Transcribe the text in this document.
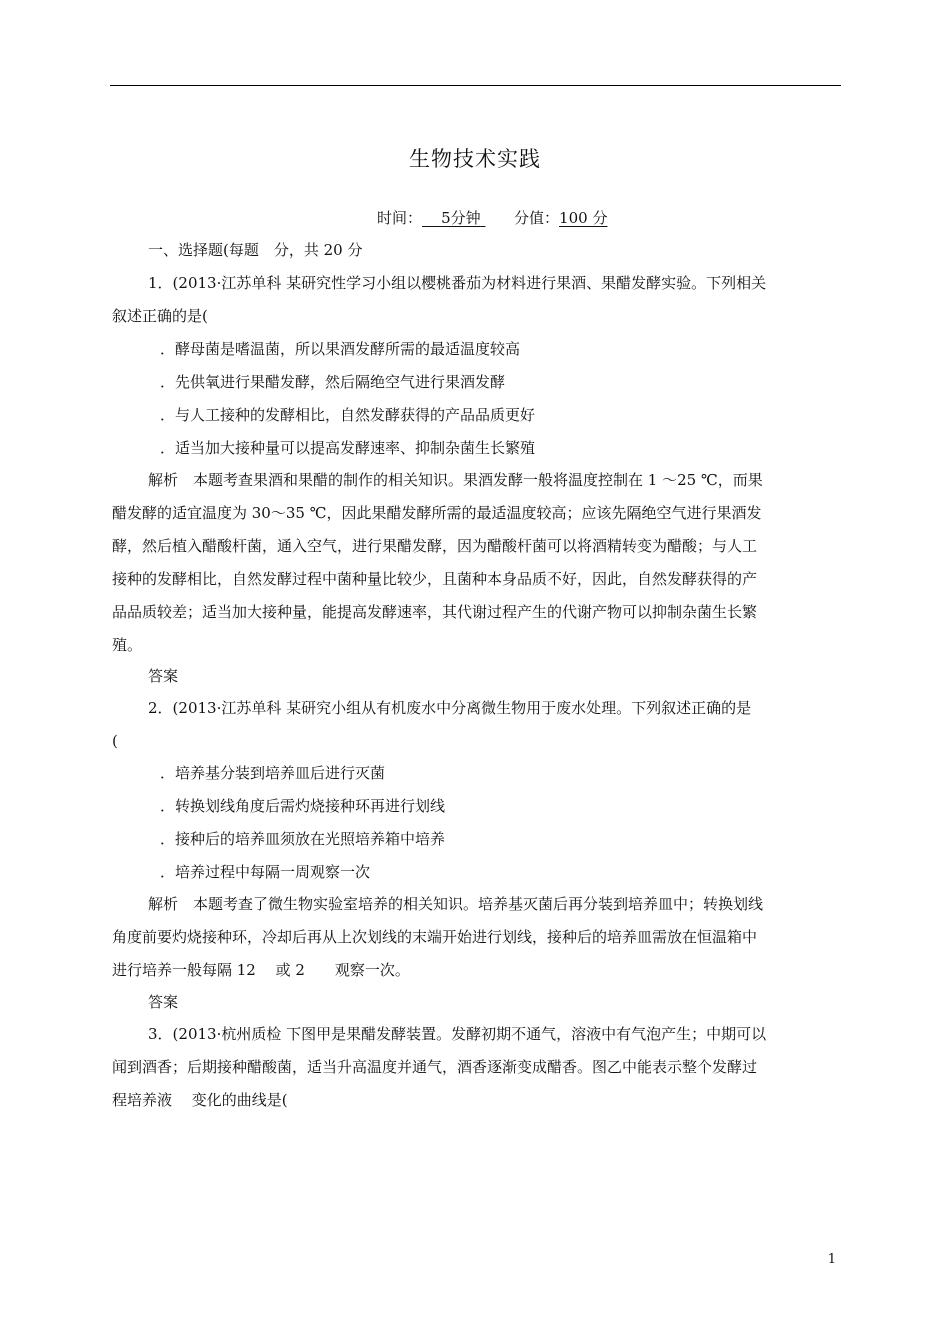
生物技术实践
时间： 5分钟 分值：100 分
一、选择题(每题　分，共 20 分
1．(2013·江苏单科 某研究性学习小组以樱桃番茄为材料进行果酒、果醋发酵实验。下列相关
叙述正确的是(
．酵母菌是嗜温菌，所以果酒发酵所需的最适温度较高
．先供氧进行果醋发酵，然后隔绝空气进行果酒发酵
．与人工接种的发酵相比，自然发酵获得的产品品质更好
．适当加大接种量可以提高发酵速率、抑制杂菌生长繁殖
解析　本题考查果酒和果醋的制作的相关知识。果酒发酵一般将温度控制在 1 ～25 ℃，而果
醋发酵的适宜温度为 30～35 ℃，因此果醋发酵所需的最适温度较高；应该先隔绝空气进行果酒发
酵，然后植入醋酸杆菌，通入空气，进行果醋发酵，因为醋酸杆菌可以将酒精转变为醋酸；与人工
接种的发酵相比，自然发酵过程中菌种量比较少，且菌种本身品质不好，因此，自然发酵获得的产
品品质较差；适当加大接种量，能提高发酵速率，其代谢过程产生的代谢产物可以抑制杂菌生长繁
殖。
答案
2．(2013·江苏单科 某研究小组从有机废水中分离微生物用于废水处理。下列叙述正确的是
(
．培养基分装到培养皿后进行灭菌
．转换划线角度后需灼烧接种环再进行划线
．接种后的培养皿须放在光照培养箱中培养
．培养过程中每隔一周观察一次
解析　本题考查了微生物实验室培养的相关知识。培养基灭菌后再分装到培养皿中；转换划线
角度前要灼烧接种环，冷却后再从上次划线的末端开始进行划线，接种后的培养皿需放在恒温箱中
进行培养一般每隔 12　 或 2　　观察一次。
答案
3．(2013·杭州质检 下图甲是果醋发酵装置。发酵初期不通气，溶液中有气泡产生；中期可以
闻到酒香；后期接种醋酸菌，适当升高温度并通气，酒香逐渐变成醋香。图乙中能表示整个发酵过
程培养液　 变化的曲线是(
1
